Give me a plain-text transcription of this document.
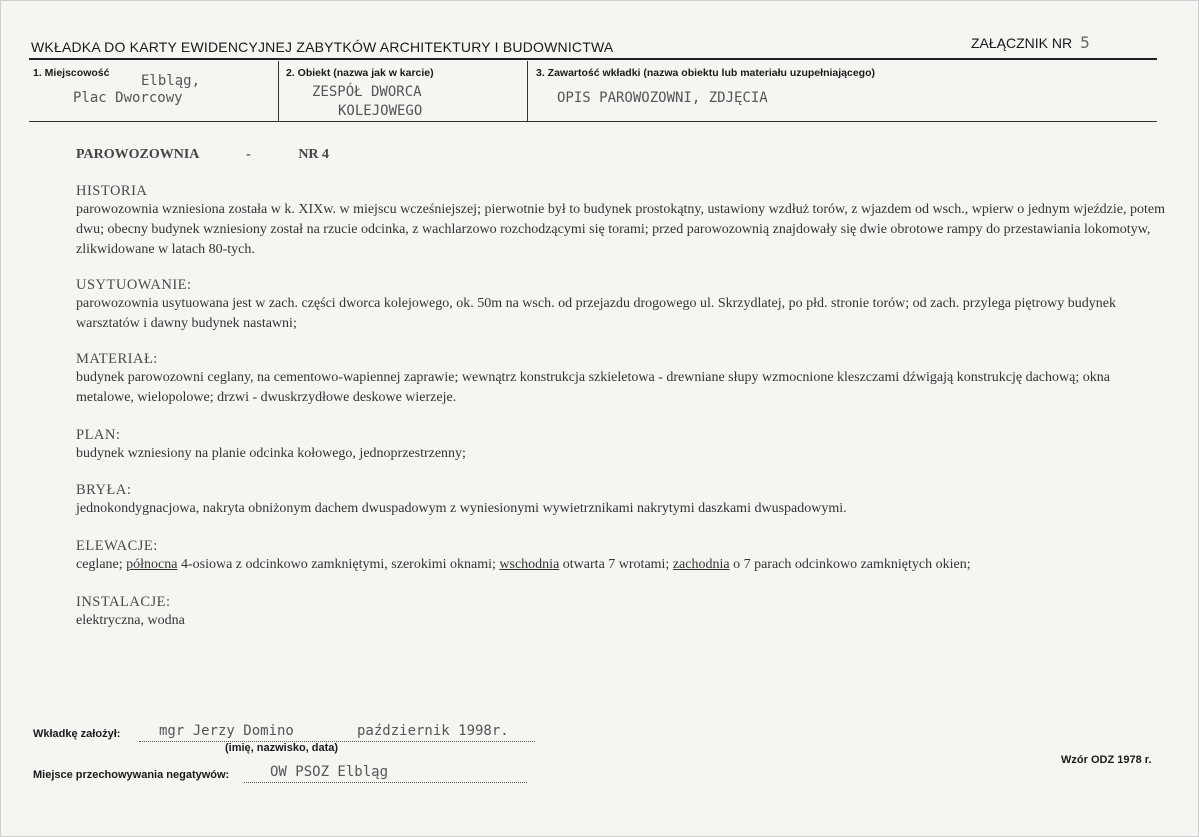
WKŁADKA DO KARTY EWIDENCYJNEJ ZABYTKÓW ARCHITEKTURY I BUDOWNICTWA	ZAŁĄCZNIK NR 5
1. Miejscowość Elbląg,
Plac Dworcowy
2. Obiekt (nazwa jak w karcie)
ZESPÓŁ DWORCA
KOLEJOWEGO
3. Zawartość wkładki (nazwa obiektu lub materiału uzupełniającego)
OPIS PAROWOZOWNI, ZDJĘCIA
PAROWOZOWNIA	-	NR 4
HISTORIA
parowozownia wzniesiona została w k. XIXw. w miejscu wcześniejszej; pierwotnie był to budynek prostokątny, ustawiony wzdłuż torów, z wjazdem od wsch., wpierw o jednym wjeździe, potem dwu; obecny budynek wzniesiony został na rzucie odcinka, z wachlarzowo rozchodzącymi się torami; przed parowozownią znajdowały się dwie obrotowe rampy do przestawiania lokomotyw, zlikwidowane w latach 80-tych.
USYTUOWANIE:
parowozownia usytuowana jest w zach. części dworca kolejowego, ok. 50m na wsch. od przejazdu drogowego ul. Skrzydlatej, po płd. stronie torów; od zach. przylega piętrowy budynek warsztatów i dawny budynek nastawni;
MATERIAŁ:
budynek parowozowni ceglany, na cementowo-wapiennej zaprawie; wewnątrz konstrukcja szkieletowa - drewniane słupy wzmocnione kleszczami dźwigają konstrukcję dachową; okna metalowe, wielopolowe; drzwi - dwuskrzydłowe deskowe wierzeje.
PLAN:
budynek wzniesiony na planie odcinka kołowego, jednoprzestrzenny;
BRYŁA:
jednokondygnacjowa, nakryta obniżonym dachem dwuspadowym z wyniesionymi wywietrznikami nakrytymi daszkami dwuspadowymi.
ELEWACJE:
ceglane; północna 4-osiowa z odcinkowo zamkniętymi, szerokimi oknami; wschodnia otwarta 7 wrotami; zachodnia o 7 parach odcinkowo zamkniętych okien;
INSTALACJE:
elektryczna, wodna
Wkładkę założył:	mgr Jerzy Domino	październik 1998r.
(imię, nazwisko, data)
Miejsce przechowywania negatywów:	OW PSOZ Elbląg
Wzór ODZ 1978 r.
